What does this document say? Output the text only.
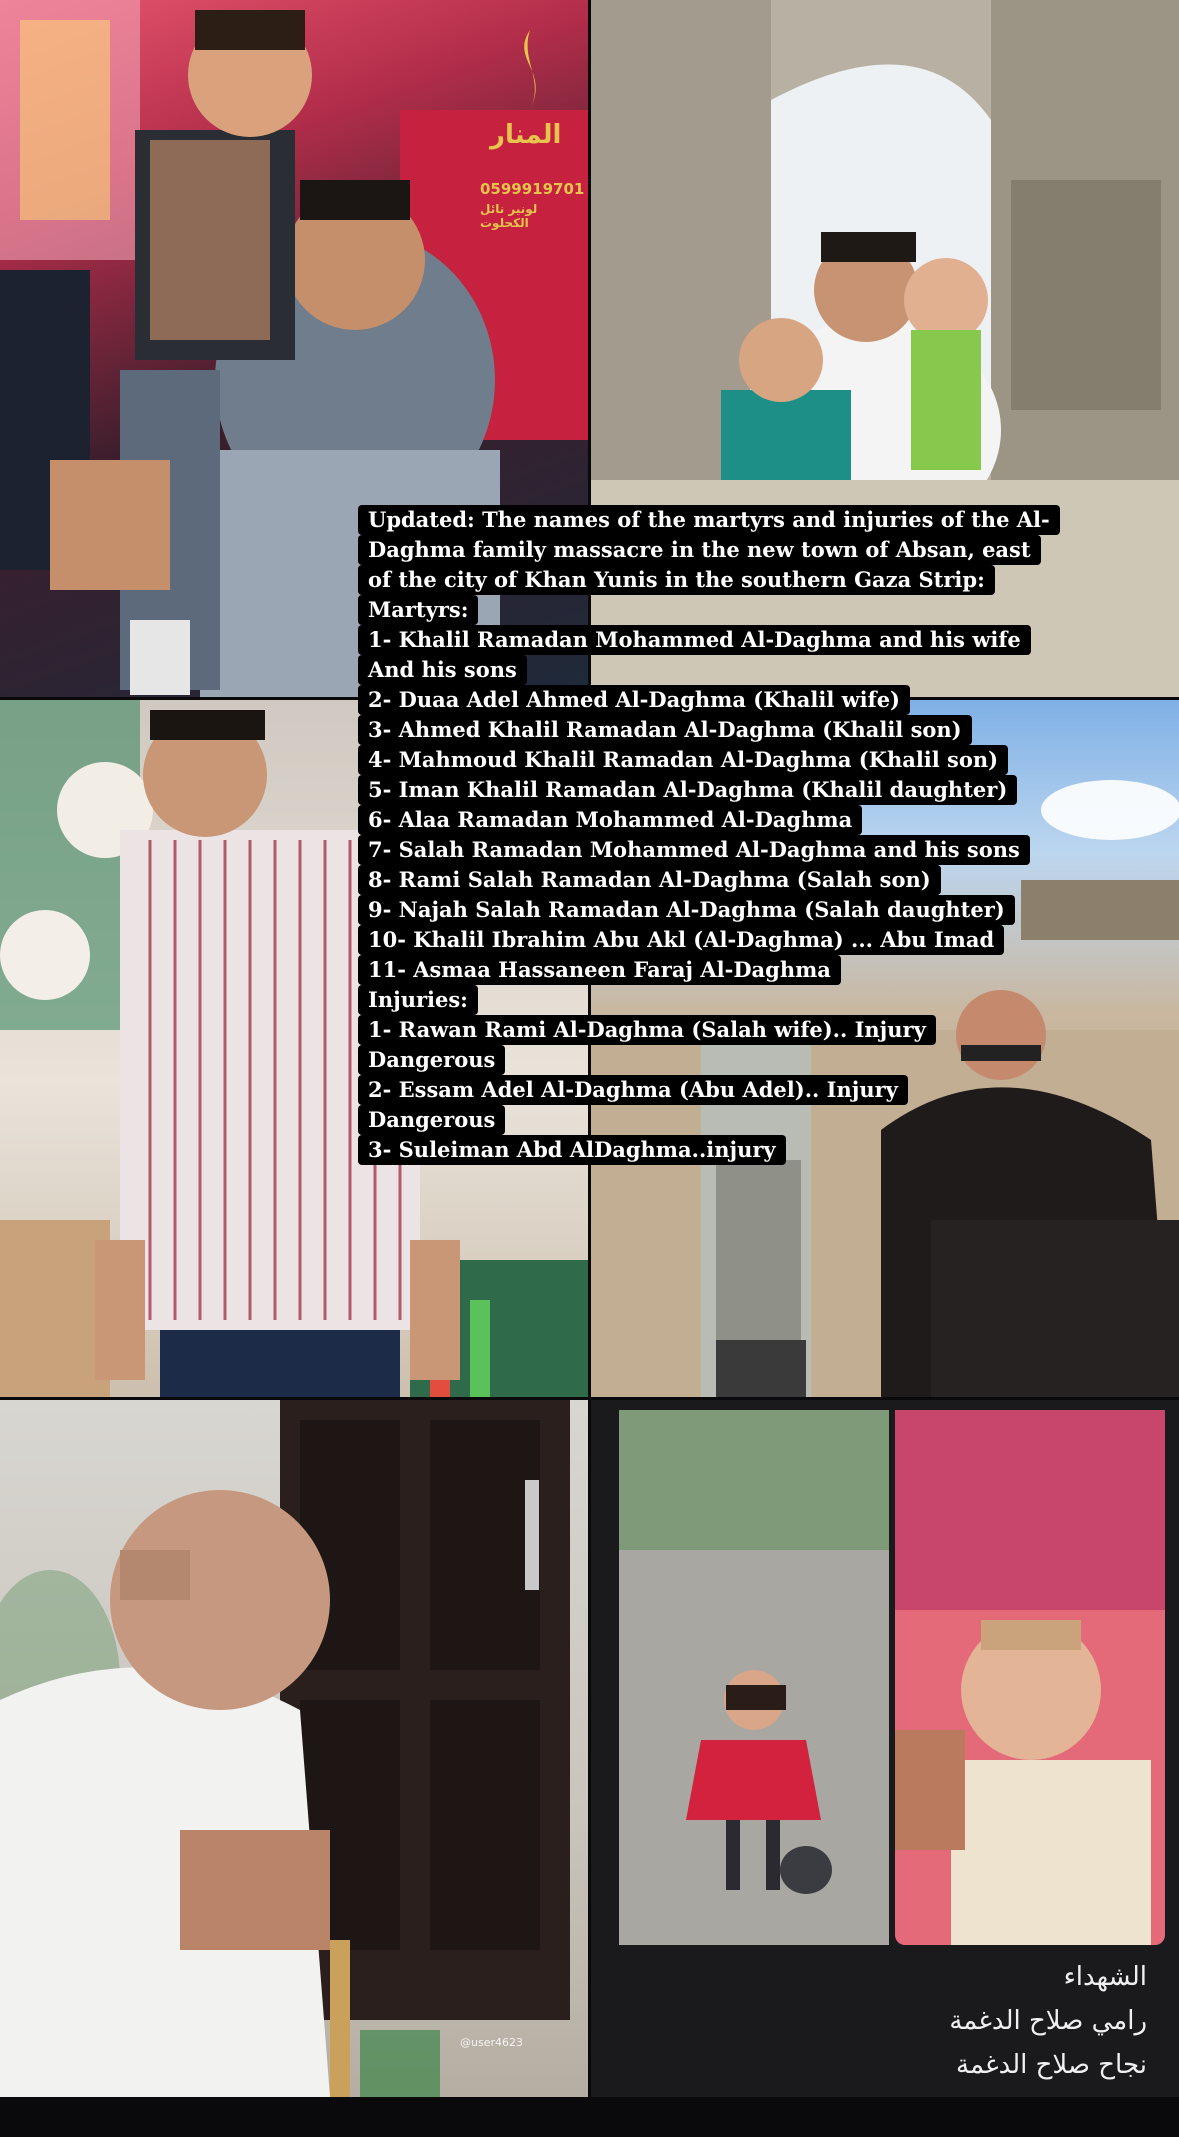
المنار
0599919701
لونير نائل الكحلوت
@user4623
الشهداء
رامي صلاح الدغمة
نجاح صلاح الدغمة
Updated: The names of the martyrs and injuries of the Al-
Daghma family massacre in the new town of Absan, east
of the city of Khan Yunis in the southern Gaza Strip:
Martyrs:
1- Khalil Ramadan Mohammed Al-Daghma and his wife
And his sons
2- Duaa Adel Ahmed Al-Daghma (Khalil wife)
3- Ahmed Khalil Ramadan Al-Daghma (Khalil son)
4- Mahmoud Khalil Ramadan Al-Daghma (Khalil son)
5- Iman Khalil Ramadan Al-Daghma (Khalil daughter)
6- Alaa Ramadan Mohammed Al-Daghma
7- Salah Ramadan Mohammed Al-Daghma and his sons
8- Rami Salah Ramadan Al-Daghma (Salah son)
9- Najah Salah Ramadan Al-Daghma (Salah daughter)
10- Khalil Ibrahim Abu Akl (Al-Daghma) ... Abu Imad
11- Asmaa Hassaneen Faraj Al-Daghma
Injuries:
1- Rawan Rami Al-Daghma (Salah wife).. Injury
Dangerous
2- Essam Adel Al-Daghma (Abu Adel).. Injury
Dangerous
3- Suleiman Abd AlDaghma..injury
